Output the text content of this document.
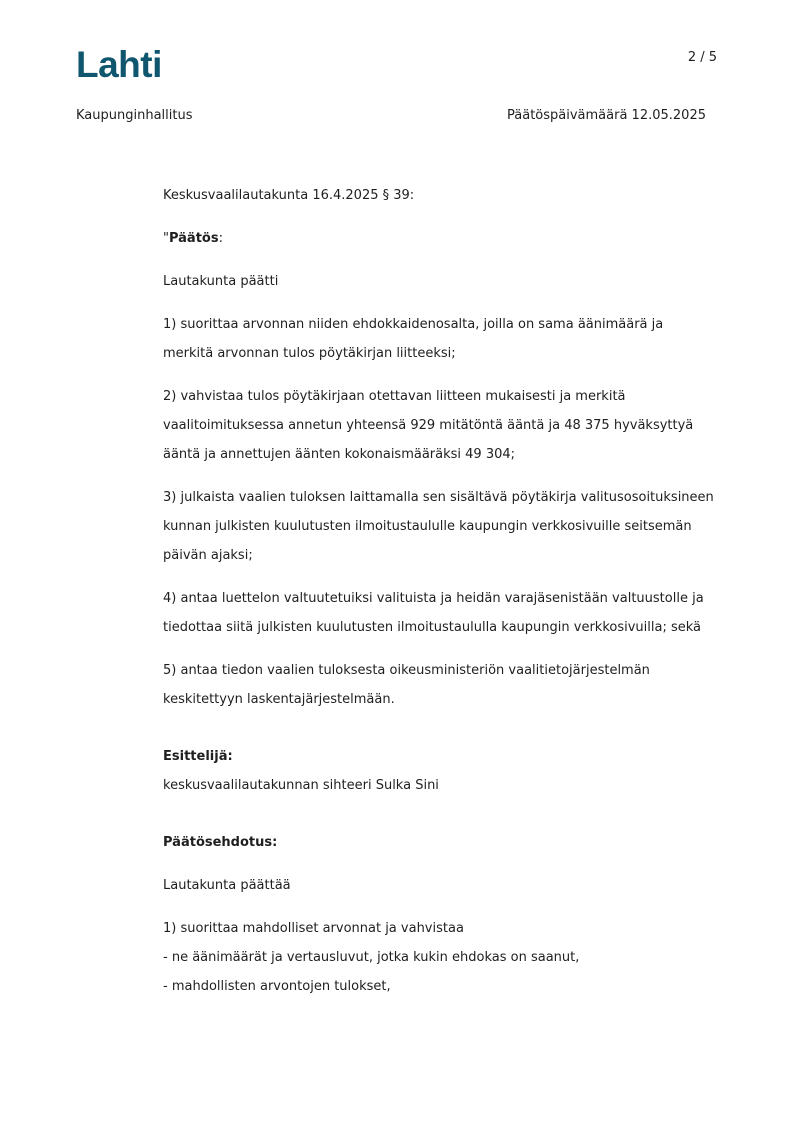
Lahti	2 / 5
Kaupunginhallitus	Päätöspäivämäärä 12.05.2025

Keskusvaalilautakunta 16.4.2025 § 39:

"Päätös:

Lautakunta päätti

1) suorittaa arvonnan niiden ehdokkaidenosalta, joilla on sama äänimäärä ja
merkitä arvonnan tulos pöytäkirjan liitteeksi;

2) vahvistaa tulos pöytäkirjaan otettavan liitteen mukaisesti ja merkitä
vaalitoimituksessa annetun yhteensä 929 mitätöntä ääntä ja 48 375 hyväksyttyä
ääntä ja annettujen äänten kokonaismääräksi 49 304;

3) julkaista vaalien tuloksen laittamalla sen sisältävä pöytäkirja valitusosoituksineen
kunnan julkisten kuulutusten ilmoitustaululle kaupungin verkkosivuille seitsemän
päivän ajaksi;

4) antaa luettelon valtuutetuiksi valituista ja heidän varajäsenistään valtuustolle ja
tiedottaa siitä julkisten kuulutusten ilmoitustaululla kaupungin verkkosivuilla; sekä

5) antaa tiedon vaalien tuloksesta oikeusministeriön vaalitietojärjestelmän
keskitettyyn laskentajärjestelmään.

Esittelijä:

keskusvaalilautakunnan sihteeri Sulka Sini

Päätösehdotus:

Lautakunta päättää

1) suorittaa mahdolliset arvonnat ja vahvistaa

- ne äänimäärät ja vertausluvut, jotka kukin ehdokas on saanut,

- mahdollisten arvontojen tulokset,
